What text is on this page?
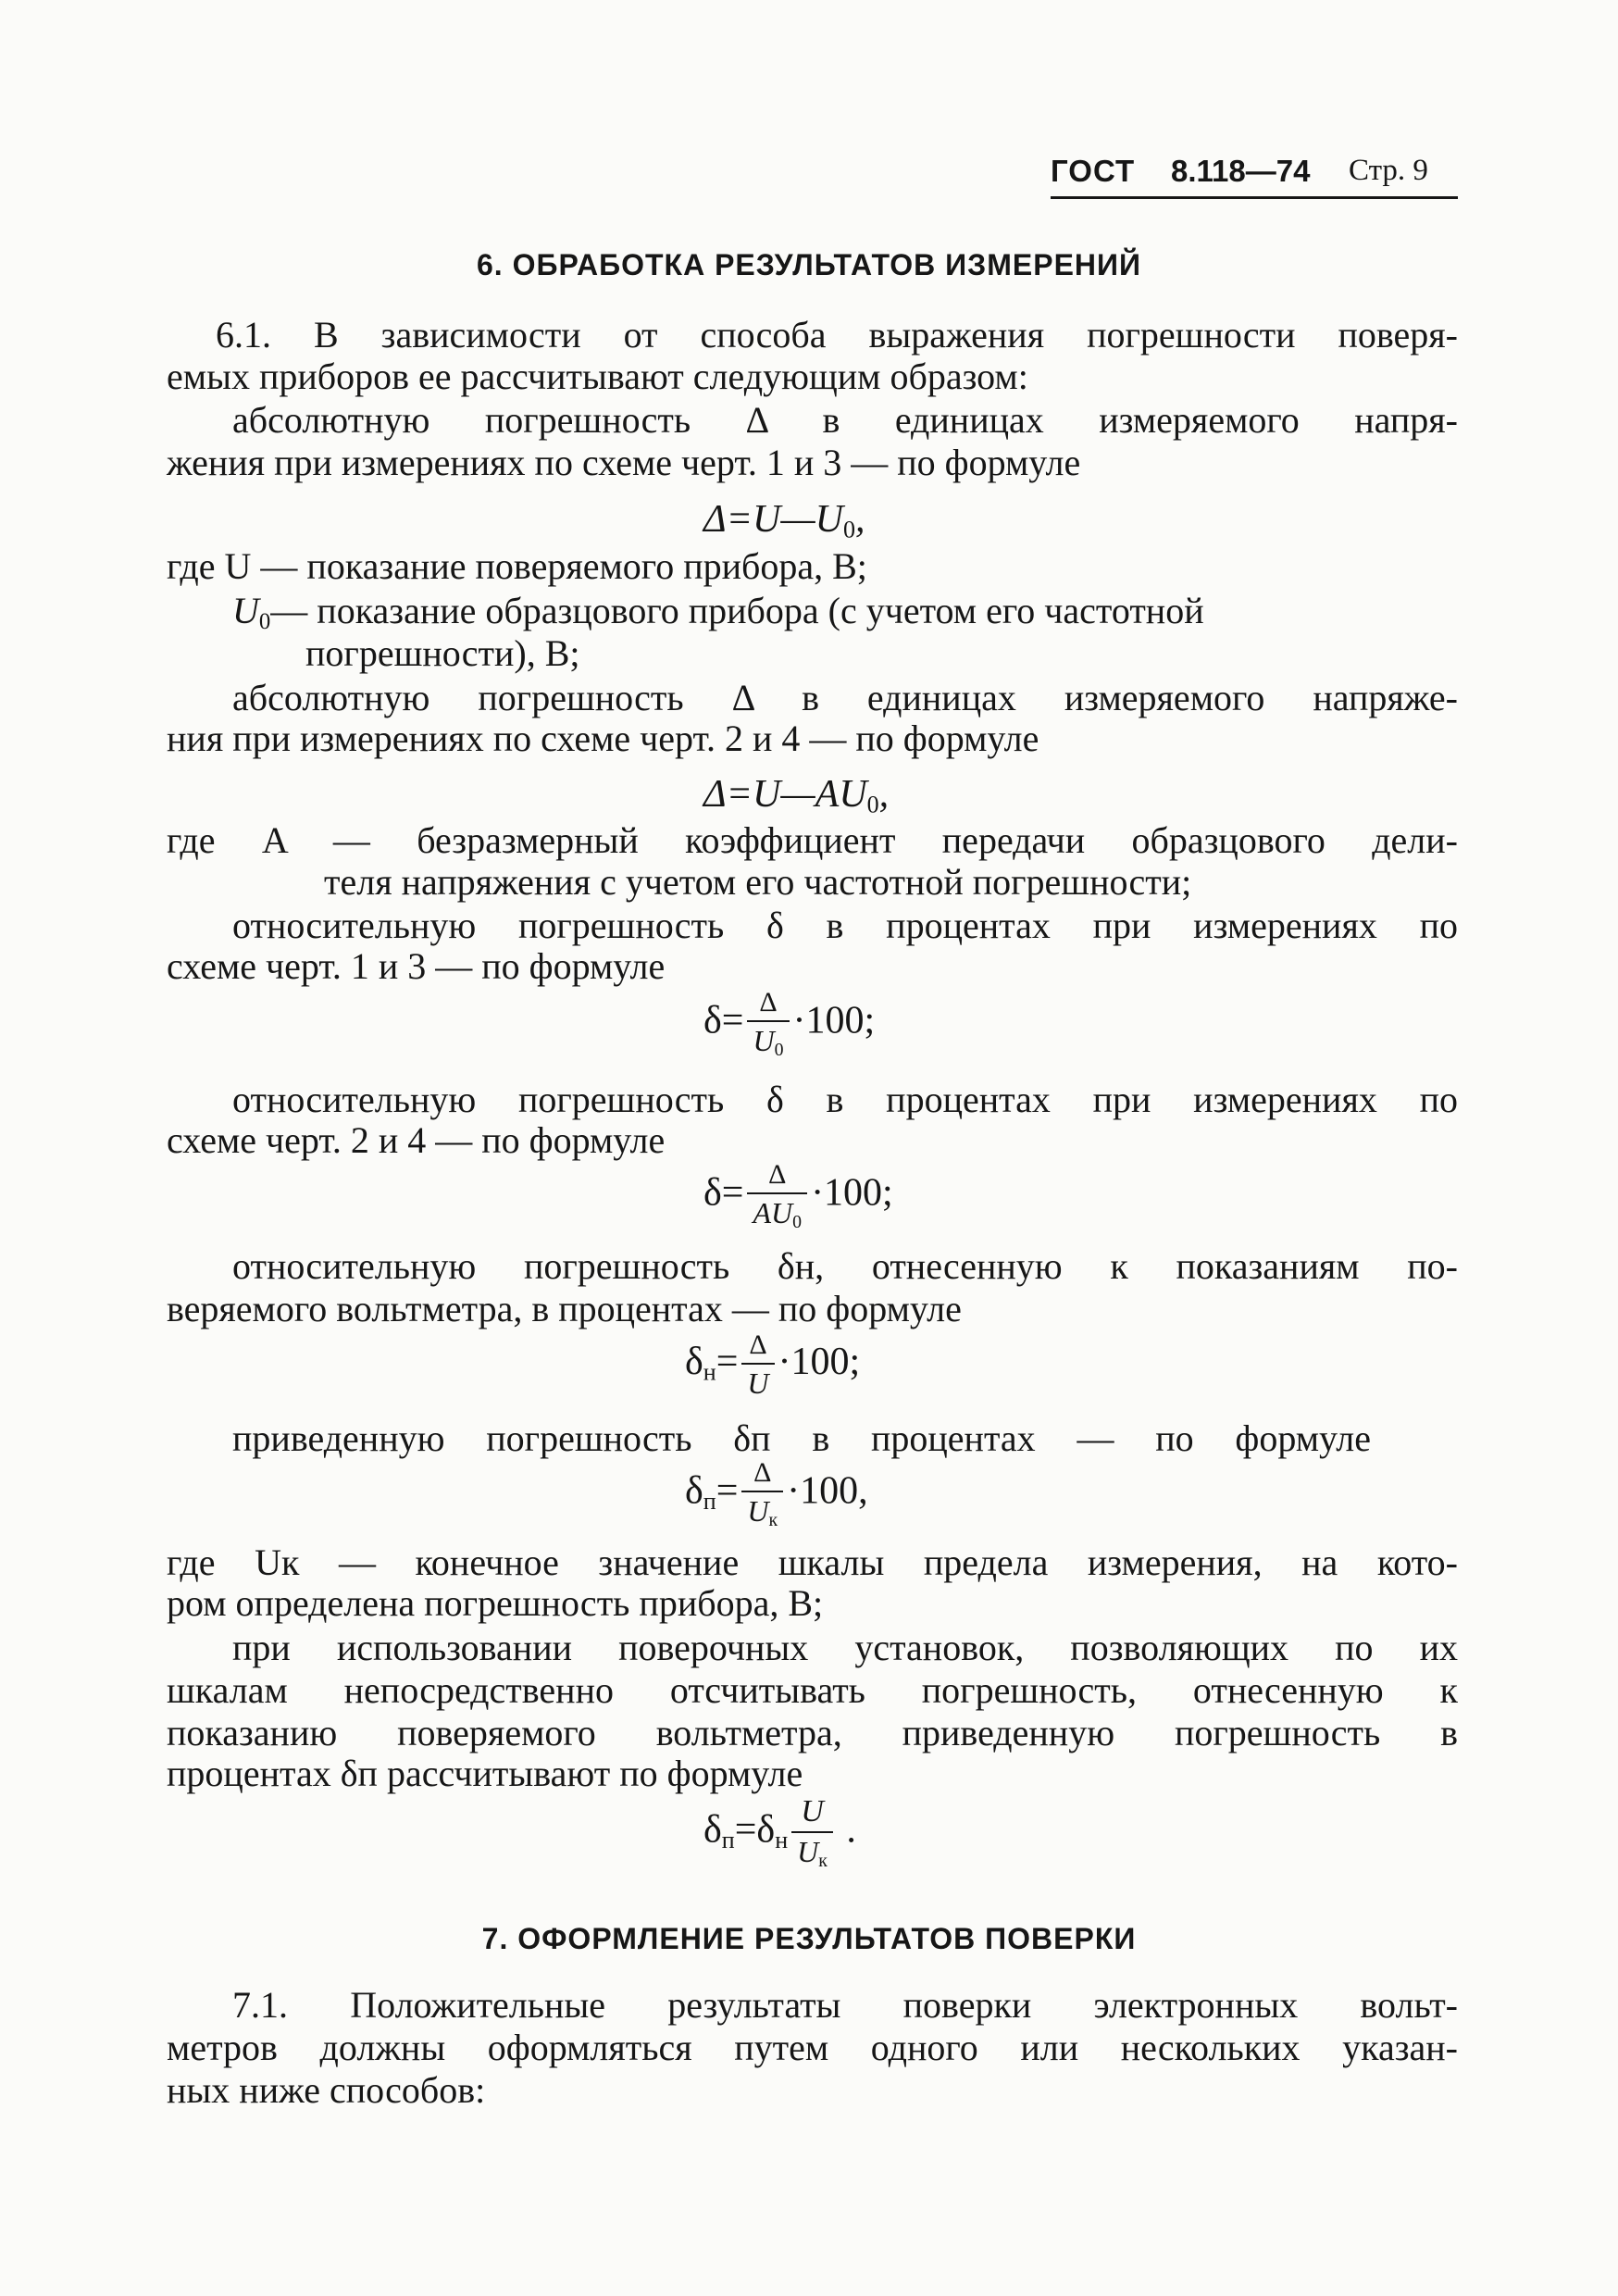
ГОСТ 8.118—74 Стр. 9
6. ОБРАБОТКА РЕЗУЛЬТАТОВ ИЗМЕРЕНИЙ
6.1. В зависимости от способа выражения погрешности поверя-
емых приборов ее рассчитывают следующим образом:
абсолютную погрешность Δ в единицах измеряемого напря-
жения при измерениях по схеме черт. 1 и 3 — по формуле
$\Delta=U—U_0$,
где U — показание поверяемого прибора, В;
$U_0—$ показание образцового прибора (с учетом его частотной
погрешности), В;
абсолютную погрешность Δ в единицах измеряемого напряже-
ния при измерениях по схеме черт. 2 и 4 — по формуле
$\Delta=U—AU_0$,
где A — безразмерный коэффициент передачи образцового дели-
теля напряжения с учетом его частотной погрешности;
относительную погрешность δ в процентах при измерениях по
схеме черт. 1 и 3 — по формуле
$\delta= \frac{\Delta}{U_0} \cdot 100$;
относительную погрешность δ в процентах при измерениях по
схеме черт. 2 и 4 — по формуле
$\delta= \frac{\Delta}{AU_0} \cdot 100$;
относительную погрешность δн, отнесенную к показаниям по-
веряемого вольтметра, в процентах — по формуле
$\delta_н= \frac{\Delta}{U} \cdot 100$;
приведенную погрешность δп в процентах — по формуле
$\delta_п= \frac{\Delta}{U_к} \cdot 100$,
где Uк — конечное значение шкалы предела измерения, на кото-
ром определена погрешность прибора, В;
при использовании поверочных установок, позволяющих по их
шкалам непосредственно отсчитывать погрешность, отнесенную к
показанию поверяемого вольтметра, приведенную погрешность в
процентах δп рассчитывают по формуле
$\delta_п=\delta_н \frac{U}{U_к}$ .
7. ОФОРМЛЕНИЕ РЕЗУЛЬТАТОВ ПОВЕРКИ
7.1. Положительные результаты поверки электронных вольт-
метров должны оформляться путем одного или нескольких указан-
ных ниже способов:
